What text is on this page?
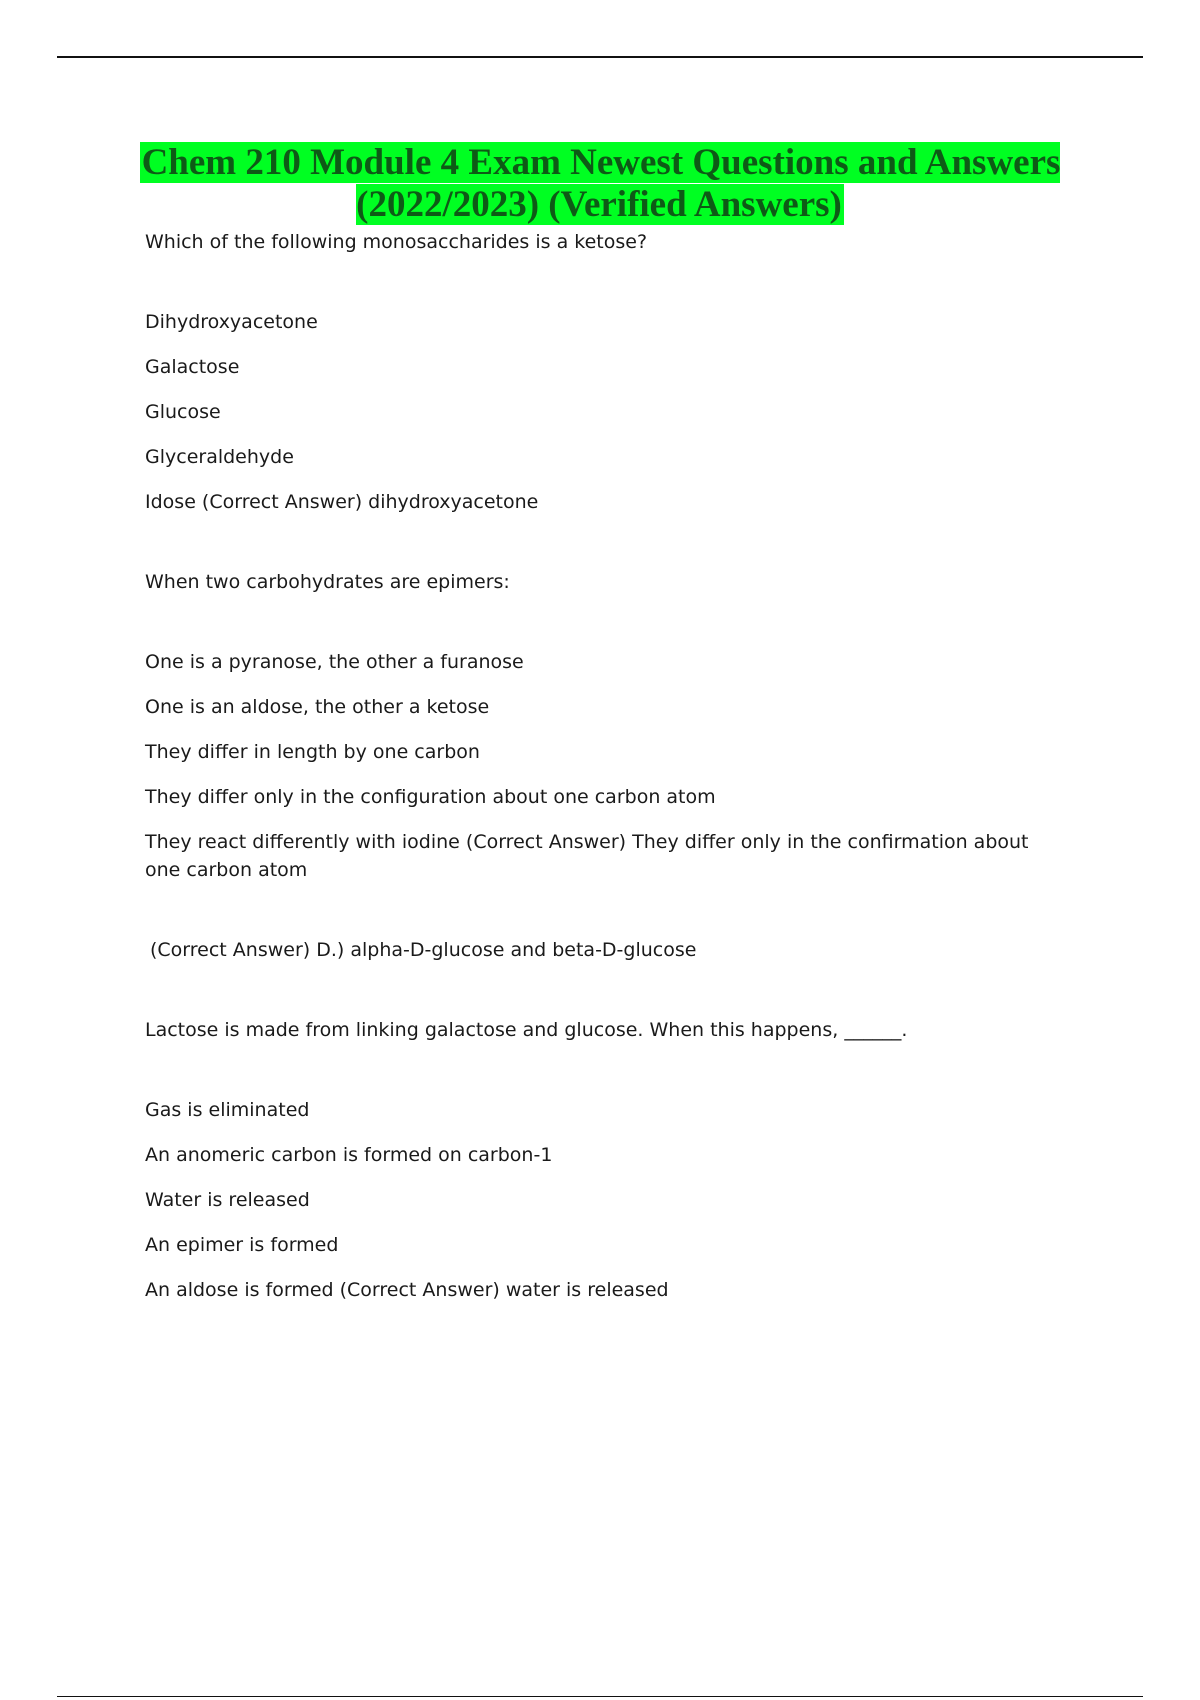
Chem 210 Module 4 Exam Newest Questions and Answers (2022/2023) (Verified Answers)
Which of the following monosaccharides is a ketose?
Dihydroxyacetone
Galactose
Glucose
Glyceraldehyde
Idose (Correct Answer) dihydroxyacetone
When two carbohydrates are epimers:
One is a pyranose, the other a furanose
One is an aldose, the other a ketose
They differ in length by one carbon
They differ only in the configuration about one carbon atom
They react differently with iodine (Correct Answer) They differ only in the confirmation about one carbon atom
(Correct Answer) D.) alpha-D-glucose and beta-D-glucose
Lactose is made from linking galactose and glucose. When this happens, ______.
Gas is eliminated
An anomeric carbon is formed on carbon-1
Water is released
An epimer is formed
An aldose is formed (Correct Answer) water is released
